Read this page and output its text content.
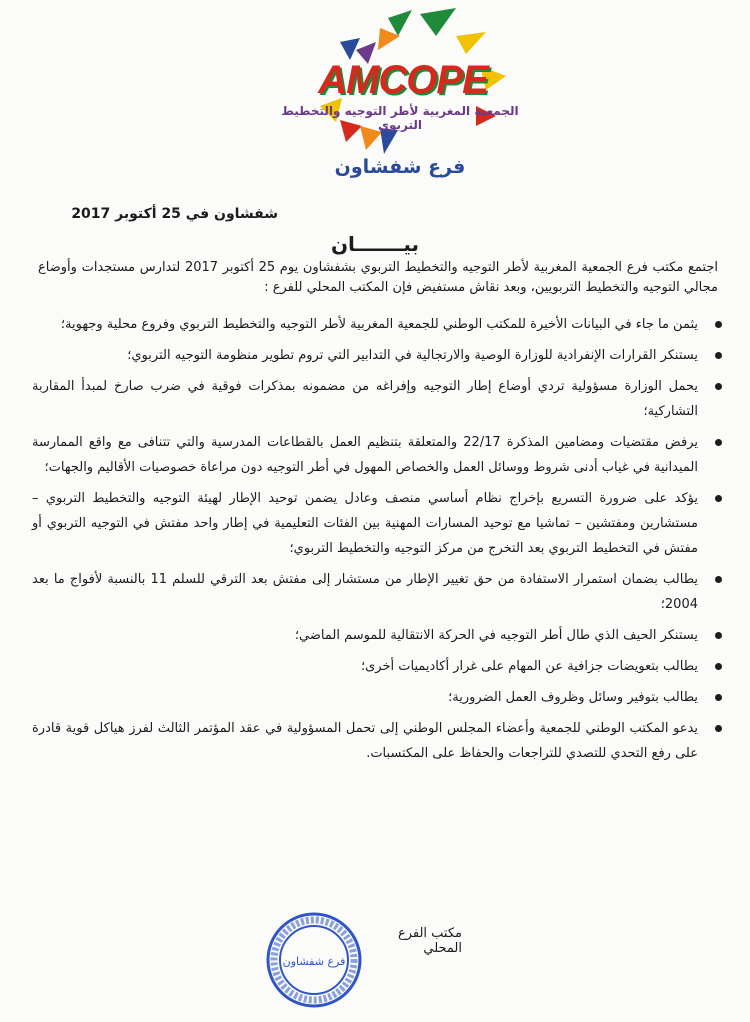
AMCOPE
الجمعية المغربية لأطر التوجيه والتخطيط التربوي
فرع شفشاون
شفشاون في 25 أكتوبر 2017
بيـــــــان
اجتمع مكتب فرع الجمعية المغربية لأطر التوجيه والتخطيط التربوي بشفشاون يوم 25 أكتوبر 2017 لتدارس مستجدات وأوضاع مجالي التوجيه والتخطيط التربويين، وبعد نقاش مستفيض فإن المكتب المحلي للفرع :
يثمن ما جاء في البيانات الأخيرة للمكتب الوطني للجمعية المغربية لأطر التوجيه والتخطيط التربوي وفروع محلية وجهوية؛
يستنكر القرارات الإنفرادية للوزارة الوصية والارتجالية في التدابير التي تروم تطوير منظومة التوجيه التربوي؛
يحمل الوزارة مسؤولية تردي أوضاع إطار التوجيه وإفراغه من مضمونه بمذكرات فوقية في ضرب صارخ لمبدأ المقاربة التشاركية؛
يرفض مقتضيات ومضامين المذكرة 22/17 والمتعلقة بتنظيم العمل بالقطاعات المدرسية والتي تتنافى مع واقع الممارسة الميدانية في غياب أدنى شروط ووسائل العمل والخصاص المهول في أطر التوجيه دون مراعاة خصوصيات الأقاليم والجهات؛
يؤكد على ضرورة التسريع بإخراج نظام أساسي منصف وعادل يضمن توحيد الإطار لهيئة التوجيه والتخطيط التربوي – مستشارين ومفتشين – تماشيا مع توحيد المسارات المهنية بين الفئات التعليمية في إطار واحد مفتش في التوجيه التربوي أو مفتش في التخطيط التربوي بعد التخرج من مركز التوجيه والتخطيط التربوي؛
يطالب بضمان استمرار الاستفادة من حق تغيير الإطار من مستشار إلى مفتش بعد الترقي للسلم 11 بالنسبة لأفواج ما بعد 2004؛
يستنكر الحيف الذي طال أطر التوجيه في الحركة الانتقالية للموسم الماضي؛
يطالب بتعويضات جزافية عن المهام على غرار أكاديميات أخرى؛
يطالب بتوفير وسائل وظروف العمل الضرورية؛
يدعو المكتب الوطني للجمعية وأعضاء المجلس الوطني إلى تحمل المسؤولية في عقد المؤتمر الثالث لفرز هياكل قوية قادرة على رفع التحدي للتصدي للتراجعات والحفاظ على المكتسبات.
مكتب الفرع المحلي
فرع شفشاون
